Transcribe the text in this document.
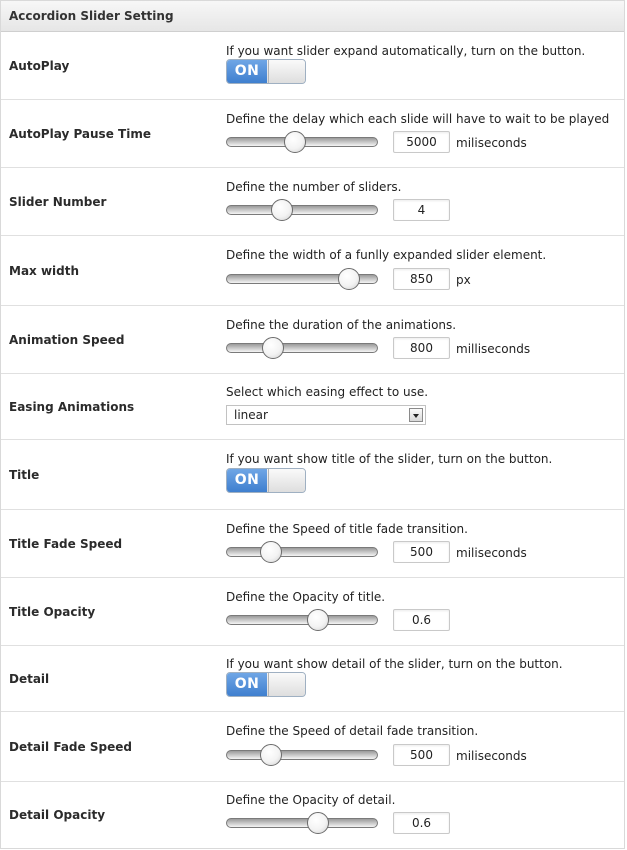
Accordion Slider Setting
AutoPlay
If you want slider expand automatically, turn on the button.
ON
AutoPlay Pause Time
Define the delay which each slide will have to wait to be played
5000	miliseconds
Slider Number
Define the number of sliders.
4
Max width
Define the width of a funlly expanded slider element.
850	px
Animation Speed
Define the duration of the animations.
800	milliseconds
Easing Animations
Select which easing effect to use.
linear
Title
If you want show title of the slider, turn on the button.
ON
Title Fade Speed
Define the Speed of title fade transition.
500	miliseconds
Title Opacity
Define the Opacity of title.
0.6
Detail
If you want show detail of the slider, turn on the button.
ON
Detail Fade Speed
Define the Speed of detail fade transition.
500	miliseconds
Detail Opacity
Define the Opacity of detail.
0.6
